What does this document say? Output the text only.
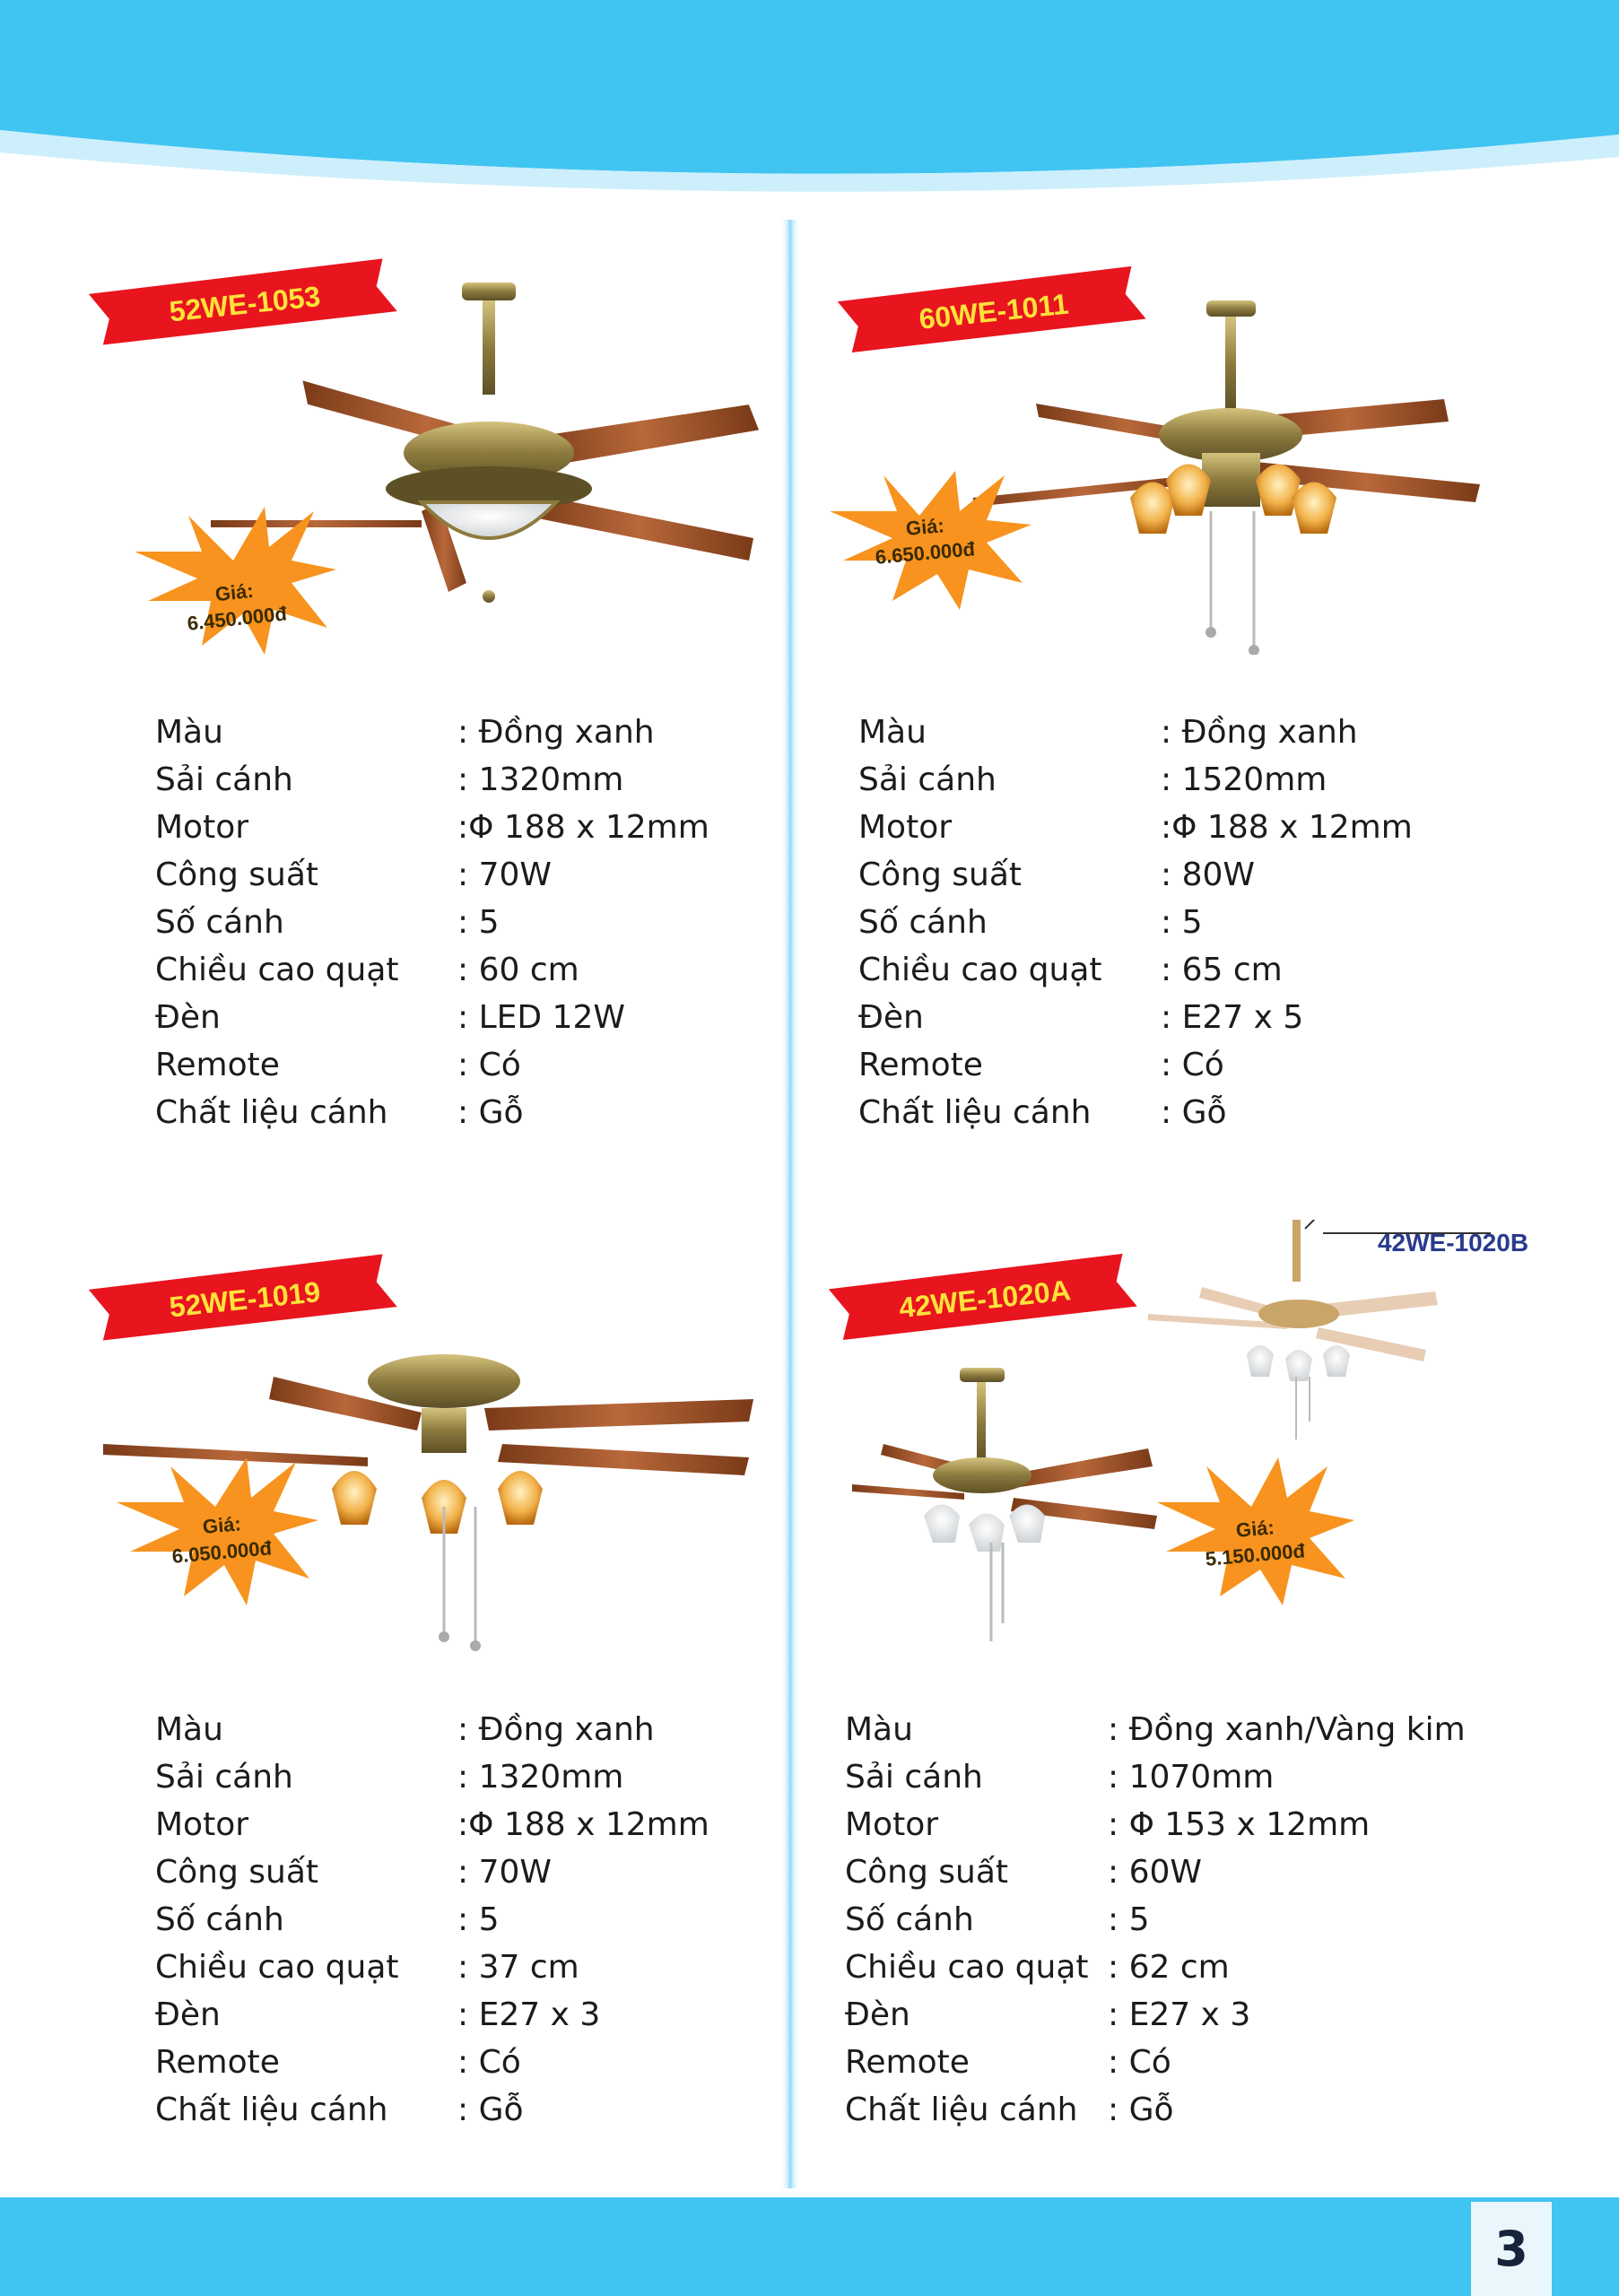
52WE-1053
Giá:
6.450.000đ
Màu	: Đồng xanh
Sải cánh	: 1320mm
Motor	:Φ 188 x 12mm
Công suất	: 70W
Số cánh	: 5
Chiều cao quạt : 60 cm
Đèn	: LED 12W
Remote	: Có
Chất liệu cánh : Gỗ
60WE-1011
Giá:
6.650.000đ
Màu	: Đồng xanh
Sải cánh	: 1520mm
Motor	:Φ 188 x 12mm
Công suất	: 80W
Số cánh	: 5
Chiều cao quạt : 65 cm
Đèn	: E27 x 5
Remote	: Có
Chất liệu cánh : Gỗ
52WE-1019
Giá:
6.050.000đ
Màu	: Đồng xanh
Sải cánh	: 1320mm
Motor	:Φ 188 x 12mm
Công suất	: 70W
Số cánh	: 5
Chiều cao quạt : 37 cm
Đèn	: E27 x 3
Remote	: Có
Chất liệu cánh : Gỗ
42WE-1020A
42WE-1020B
Giá:
5.150.000đ
Màu	: Đồng xanh/Vàng kim
Sải cánh	: 1070mm
Motor	: Φ 153 x 12mm
Công suất	: 60W
Số cánh	: 5
Chiều cao quạt : 62 cm
Đèn	: E27 x 3
Remote	: Có
Chất liệu cánh : Gỗ
3
